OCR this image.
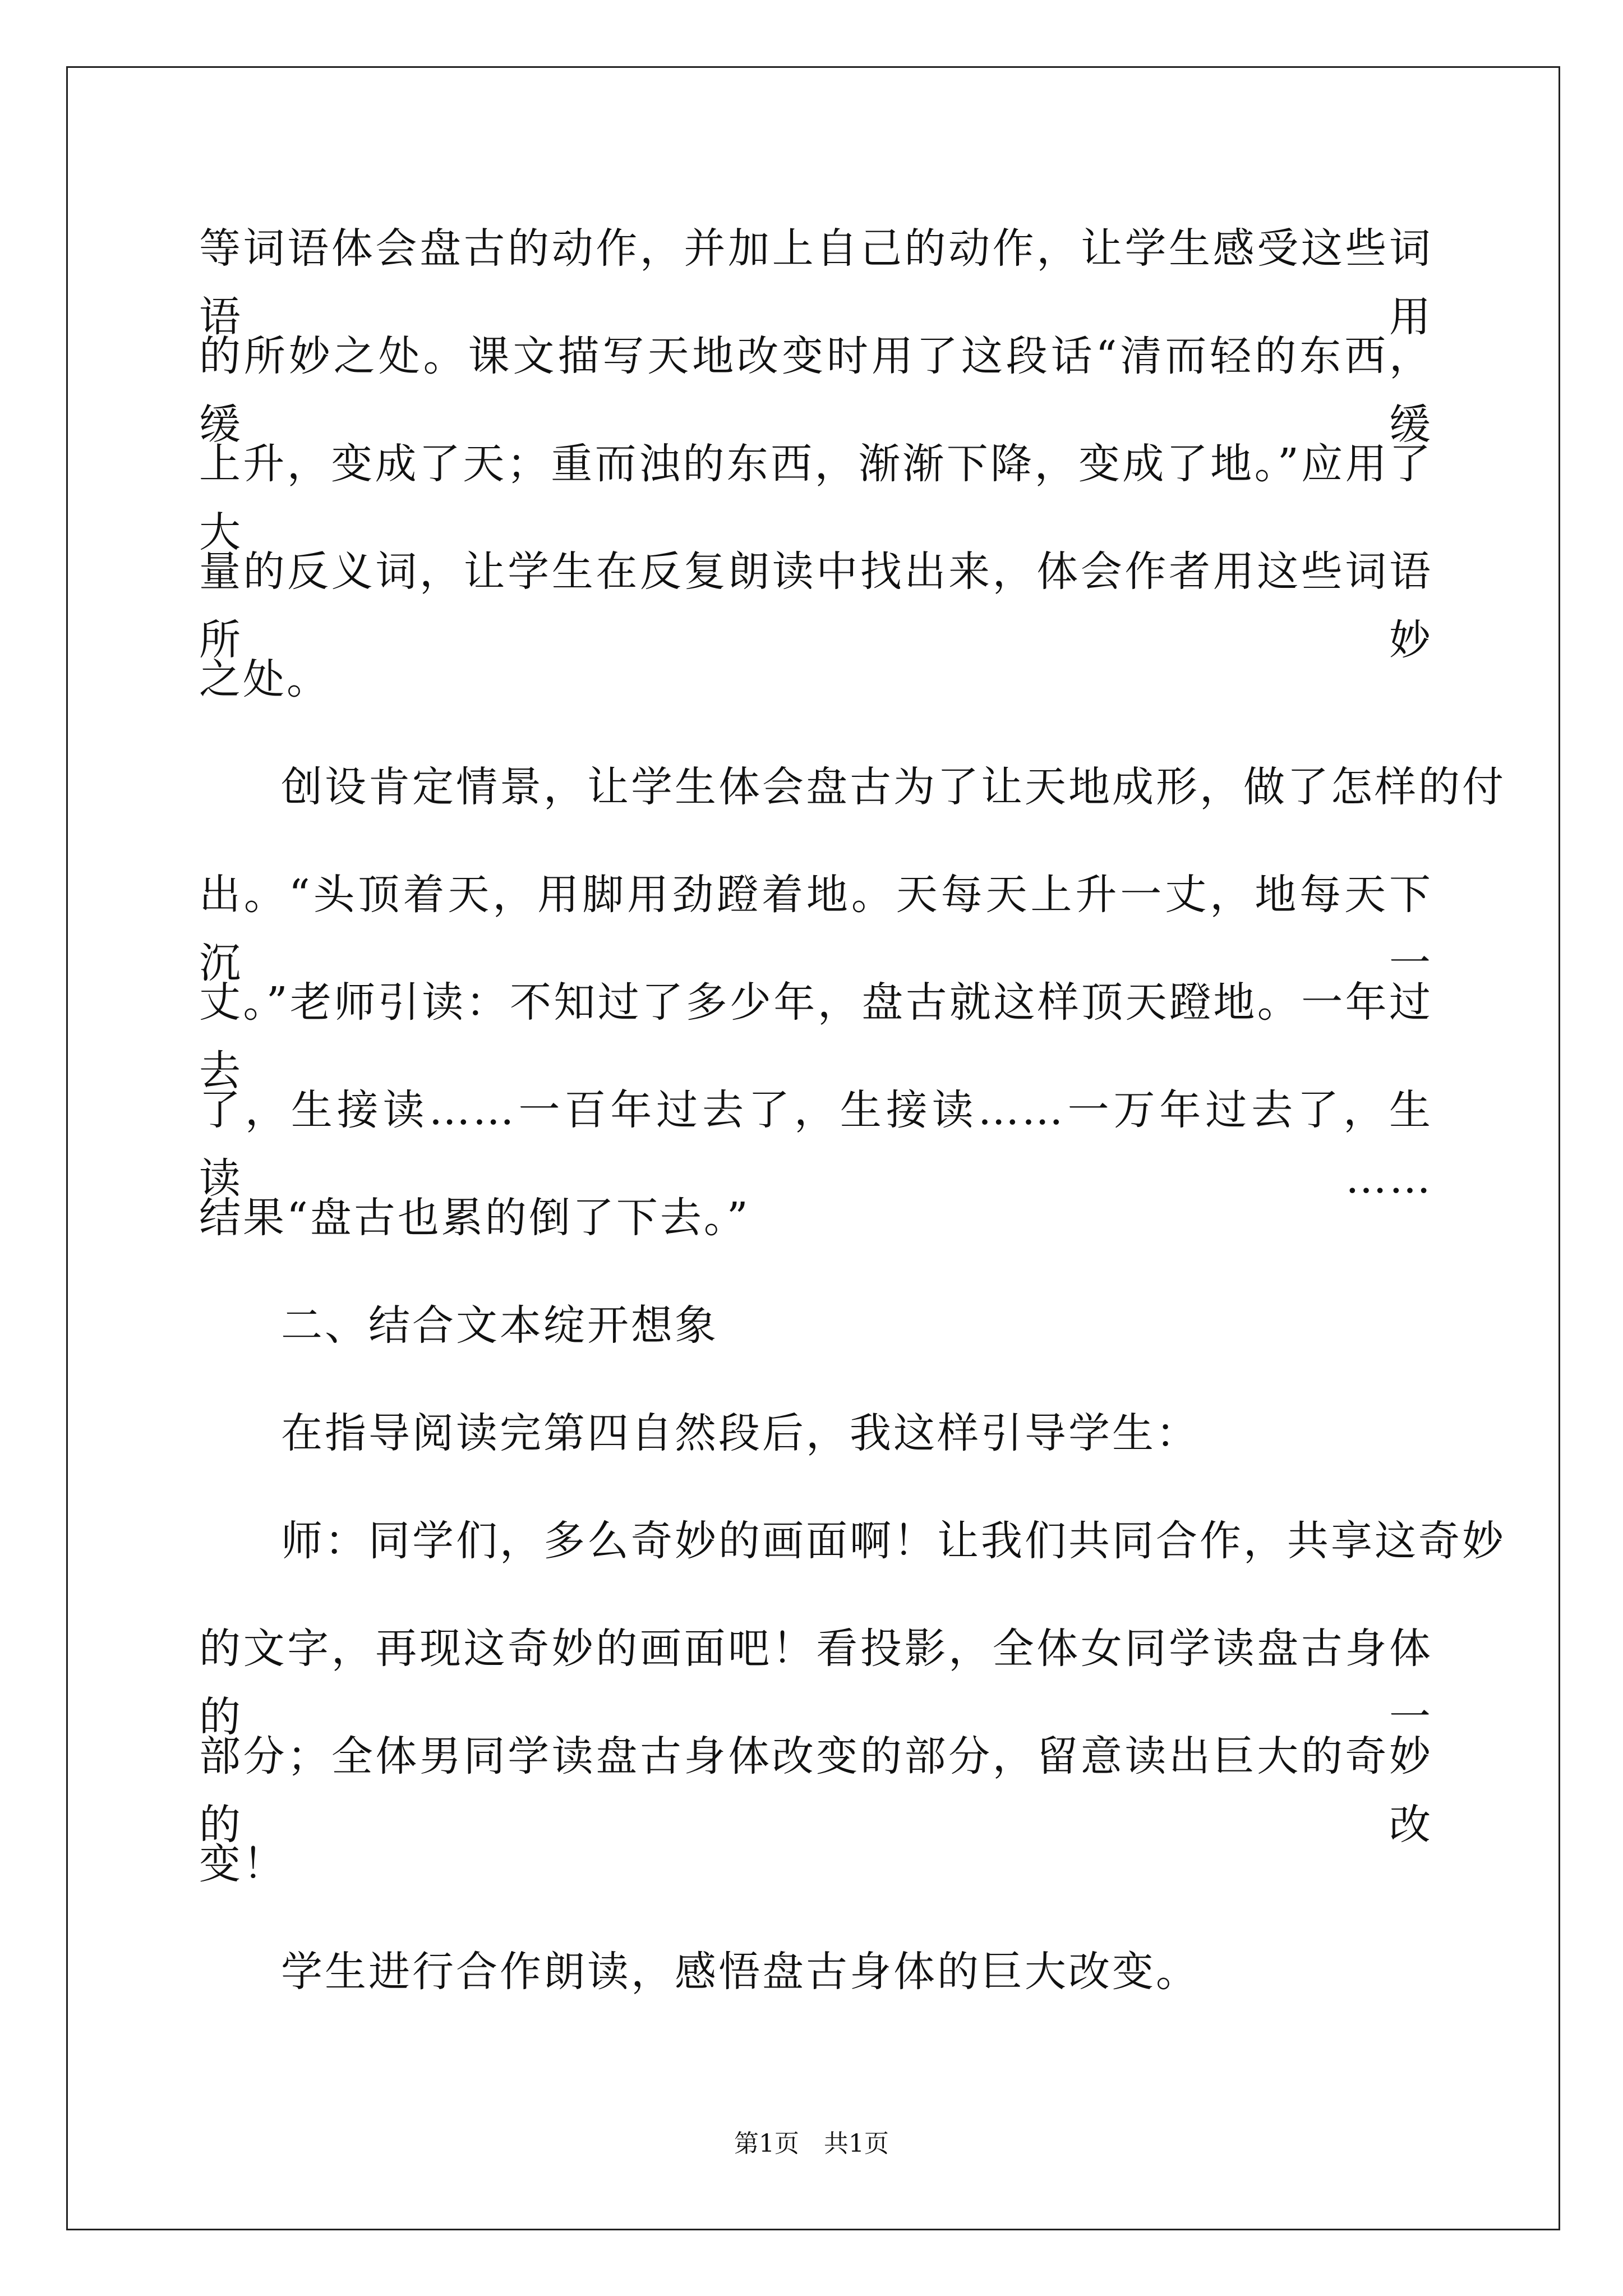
等词语体会盘古的动作，并加上自己的动作，让学生感受这些词语用
的所妙之处。课文描写天地改变时用了这段话“清而轻的东西，缓缓
上升，变成了天；重而浊的东西，渐渐下降，变成了地。”应用了大
量的反义词，让学生在反复朗读中找出来，体会作者用这些词语所妙
之处。
创设肯定情景，让学生体会盘古为了让天地成形，做了怎样的付
出。“头顶着天，用脚用劲蹬着地。天每天上升一丈，地每天下沉一
丈。”老师引读：不知过了多少年，盘古就这样顶天蹬地。一年过去
了，生接读……一百年过去了，生接读……一万年过去了，生读……
结果“盘古也累的倒了下去。”
二、结合文本绽开想象
在指导阅读完第四自然段后，我这样引导学生：
师：同学们，多么奇妙的画面啊！让我们共同合作，共享这奇妙
的文字，再现这奇妙的画面吧！看投影，全体女同学读盘古身体的一
部分；全体男同学读盘古身体改变的部分，留意读出巨大的奇妙的改
变！
学生进行合作朗读，感悟盘古身体的巨大改变。
第1页 共1页
